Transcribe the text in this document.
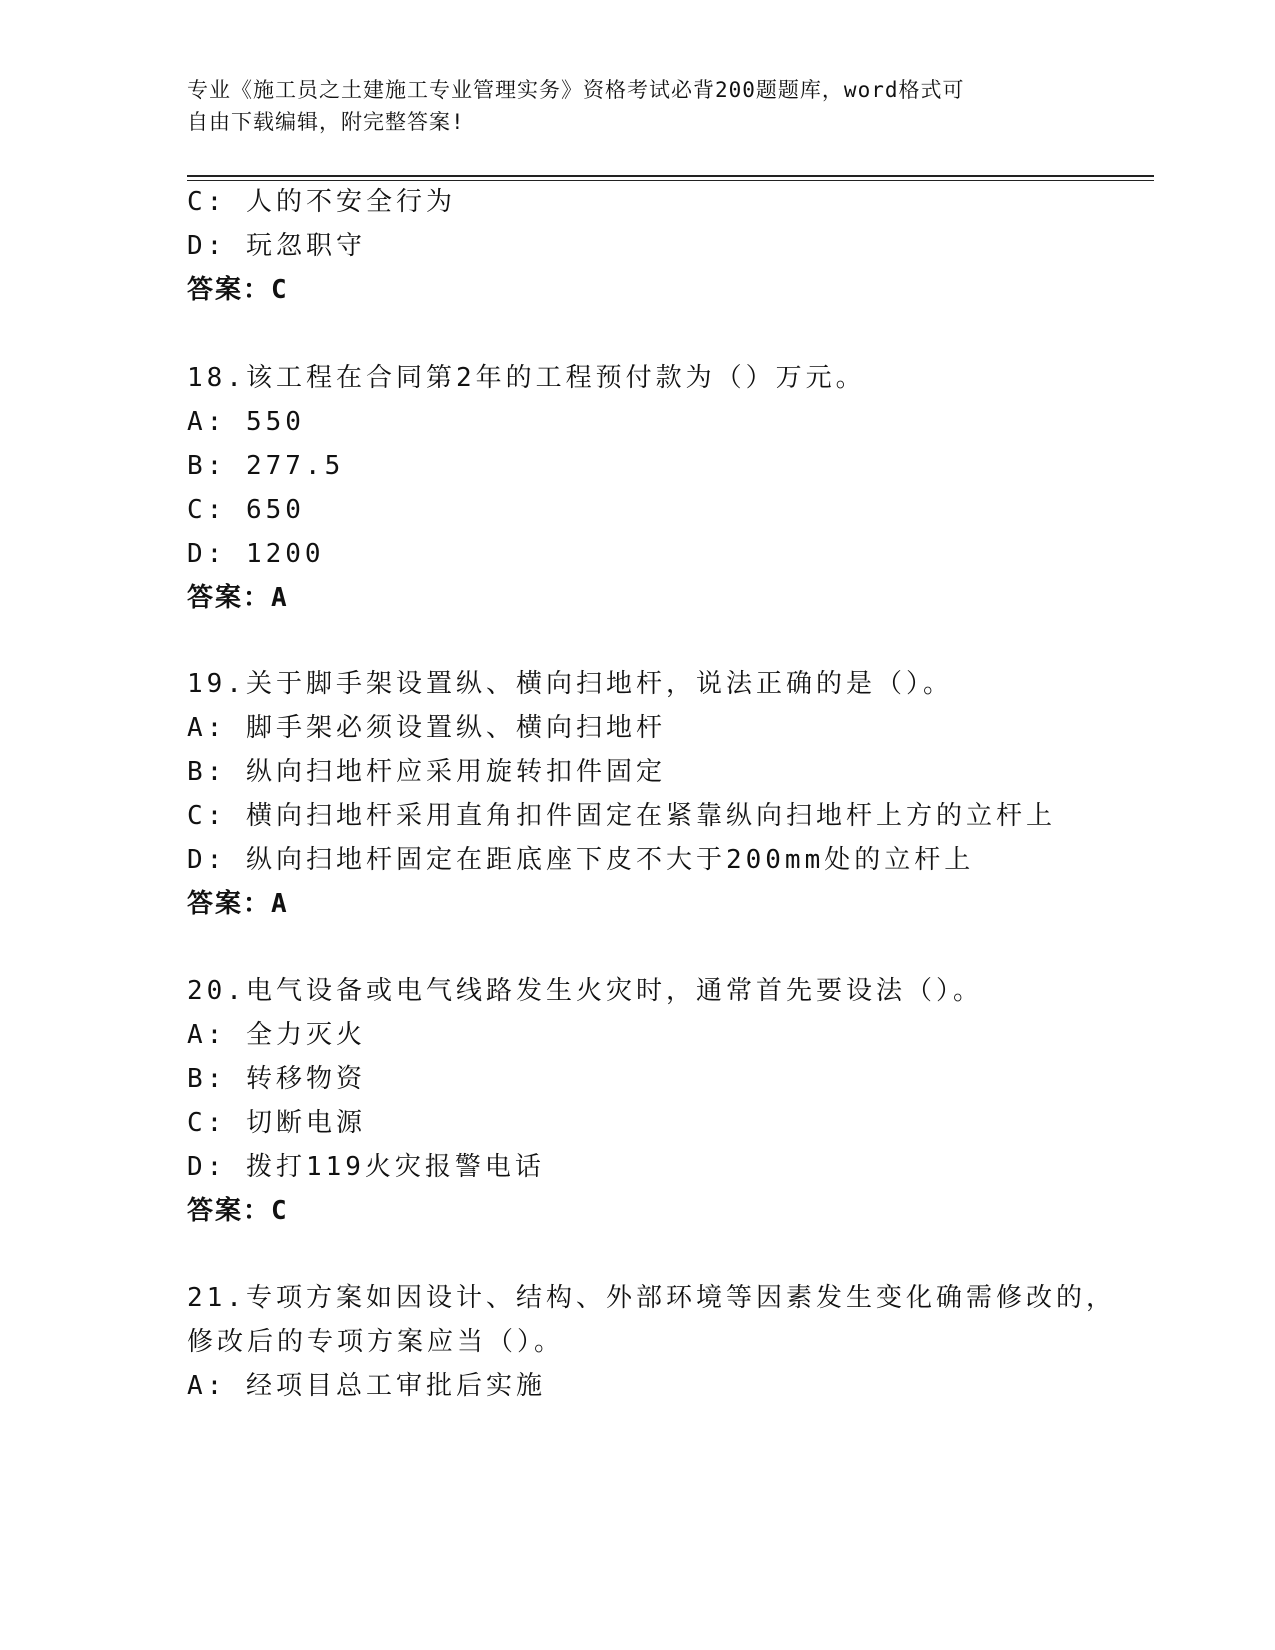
专业《施工员之土建施工专业管理实务》资格考试必背200题题库，word格式可
自由下载编辑，附完整答案!
C: 人的不安全行为
D: 玩忽职守
答案：C
18.该工程在合同第2年的工程预付款为（）万元。
A: 550
B: 277.5
C: 650
D: 1200
答案：A
19.关于脚手架设置纵、横向扫地杆，说法正确的是（）。
A: 脚手架必须设置纵、横向扫地杆
B: 纵向扫地杆应采用旋转扣件固定
C: 横向扫地杆采用直角扣件固定在紧靠纵向扫地杆上方的立杆上
D: 纵向扫地杆固定在距底座下皮不大于200mm处的立杆上
答案：A
20.电气设备或电气线路发生火灾时，通常首先要设法（）。
A: 全力灭火
B: 转移物资
C: 切断电源
D: 拨打119火灾报警电话
答案：C
21.专项方案如因设计、结构、外部环境等因素发生变化确需修改的，
修改后的专项方案应当（）。
A: 经项目总工审批后实施
